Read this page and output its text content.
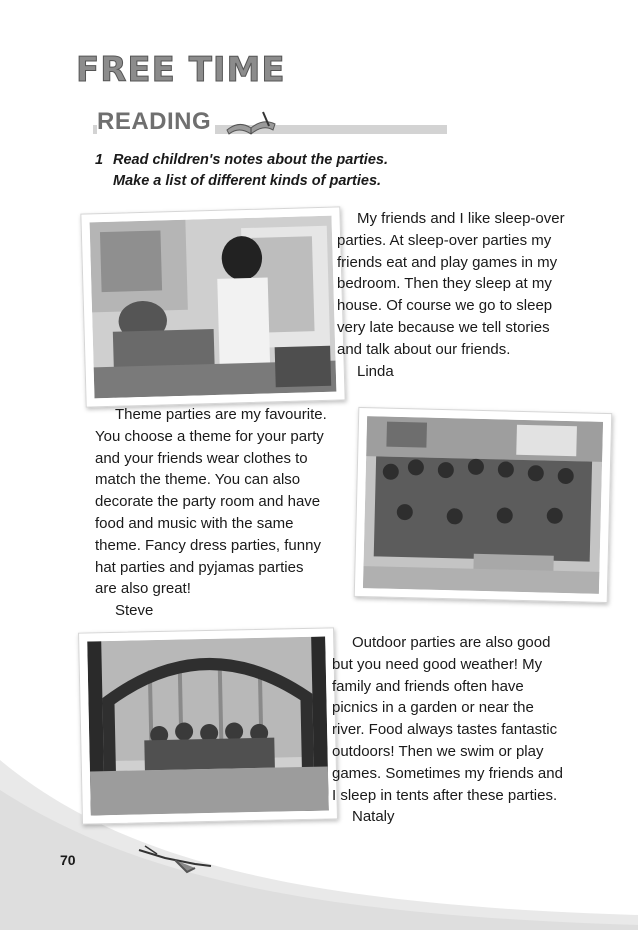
FREE TIME
READING
1 Read children's notes about the parties.
Make a list of different kinds of parties.

My friends and I like sleep-over
parties. At sleep-over parties my
friends eat and play games in my
bedroom. Then they sleep at my
house. Of course we go to sleep
very late because we tell stories
and talk about our friends.
Linda

Theme parties are my favourite.
You choose a theme for your party
and your friends wear clothes to
match the theme. You can also
decorate the party room and have
food and music with the same
theme. Fancy dress parties, funny
hat parties and pyjamas parties
are also great!
Steve

Outdoor parties are also good
but you need good weather! My
family and friends often have
picnics in a garden or near the
river. Food always tastes fantastic
outdoors! Then we swim or play
games. Sometimes my friends and
I sleep in tents after these parties.
Nataly

70
